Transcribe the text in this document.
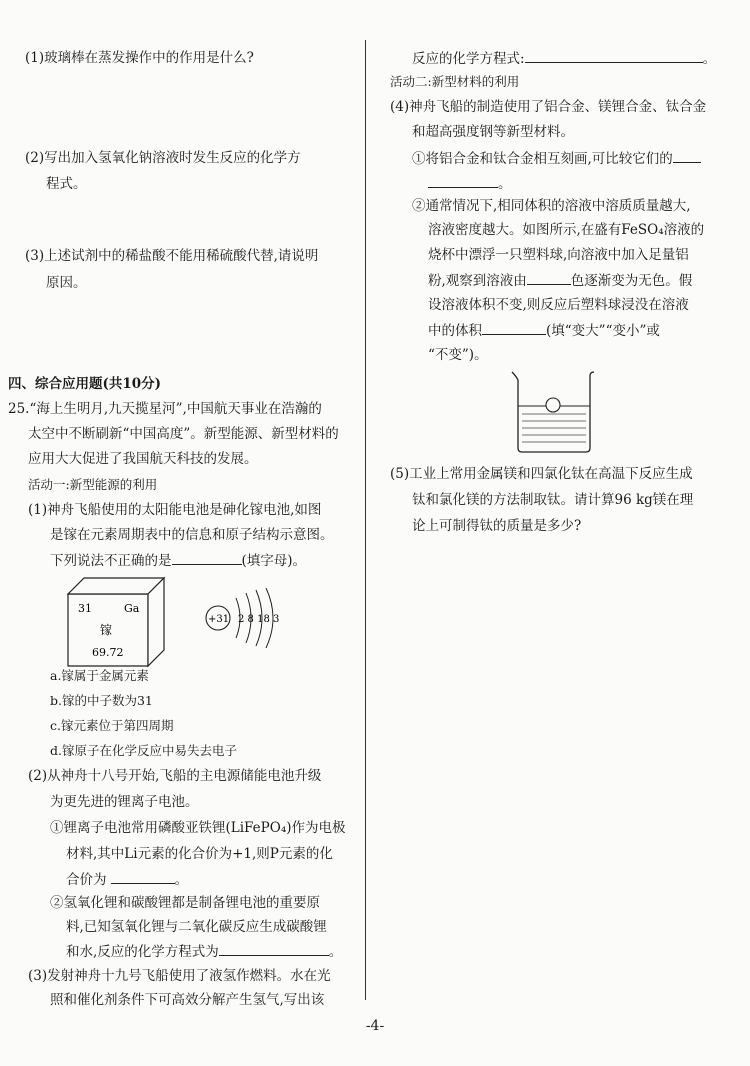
(1)玻璃棒在蒸发操作中的作用是什么?
(2)写出加入氢氧化钠溶液时发生反应的化学方
程式。
(3)上述试剂中的稀盐酸不能用稀硫酸代替,请说明
原因。
四、综合应用题(共10分)
25.“海上生明月,九天揽星河”,中国航天事业在浩瀚的
太空中不断刷新“中国高度”。新型能源、新型材料的
应用大大促进了我国航天科技的发展。
活动一:新型能源的利用
(1)神舟飞船使用的太阳能电池是砷化镓电池,如图
是镓在元素周期表中的信息和原子结构示意图。
下列说法不正确的是	(填字母)。
31	Ga
镓
69.72
+31 2 8 18 3
a.镓属于金属元素
b.镓的中子数为31
c.镓元素位于第四周期
d.镓原子在化学反应中易失去电子
(2)从神舟十八号开始,飞船的主电源储能电池升级
为更先进的锂离子电池。
①锂离子电池常用磷酸亚铁锂(LiFePO₄)作为电极
材料,其中Li元素的化合价为+1,则P元素的化
合价为	。
②氢氧化锂和碳酸锂都是制备锂电池的重要原
料,已知氢氧化锂与二氧化碳反应生成碳酸锂
和水,反应的化学方程式为	。
(3)发射神舟十九号飞船使用了液氢作燃料。水在光
照和催化剂条件下可高效分解产生氢气,写出该
反应的化学方程式:	。
活动二:新型材料的利用
(4)神舟飞船的制造使用了铝合金、镁锂合金、钛合金
和超高强度钢等新型材料。
①将铝合金和钛合金相互刻画,可比较它们的
。
②通常情况下,相同体积的溶液中溶质质量越大,
溶液密度越大。如图所示,在盛有FeSO₄溶液的
烧杯中漂浮一只塑料球,向溶液中加入足量铝
粉,观察到溶液由	色逐渐变为无色。假
设溶液体积不变,则反应后塑料球浸没在溶液
中的体积	(填“变大”“变小”或
“不变”)。
(5)工业上常用金属镁和四氯化钛在高温下反应生成
钛和氯化镁的方法制取钛。请计算96 kg镁在理
论上可制得钛的质量是多少?
-4-
